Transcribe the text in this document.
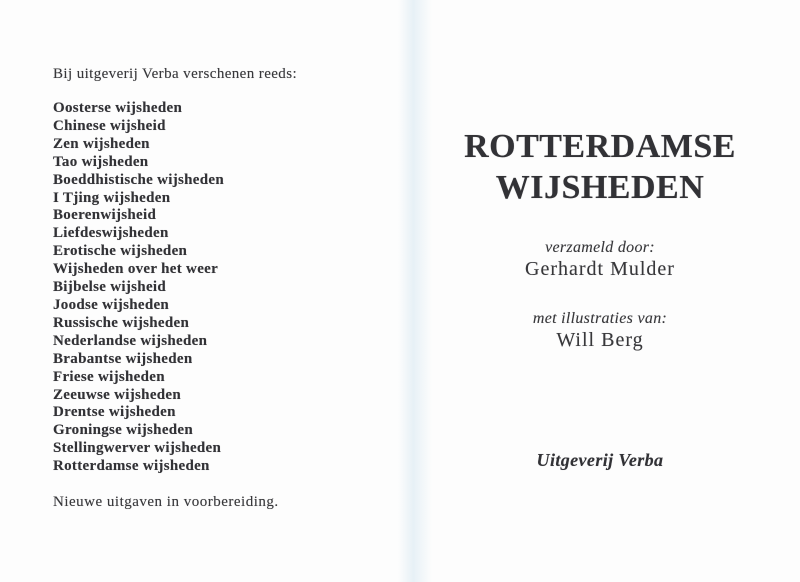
Bij uitgeverij Verba verschenen reeds:

Oosterse wijsheden
Chinese wijsheid
Zen wijsheden
Tao wijsheden
Boeddhistische wijsheden
I Tjing wijsheden
Boerenwijsheid
Liefdeswijsheden
Erotische wijsheden
Wijsheden over het weer
Bijbelse wijsheid
Joodse wijsheden
Russische wijsheden
Nederlandse wijsheden
Brabantse wijsheden
Friese wijsheden
Zeeuwse wijsheden
Drentse wijsheden
Groningse wijsheden
Stellingwerver wijsheden
Rotterdamse wijsheden

Nieuwe uitgaven in voorbereiding.

ROTTERDAMSE
WIJSHEDEN

verzameld door:

Gerhardt Mulder

met illustraties van:

Will Berg

Uitgeverij Verba
